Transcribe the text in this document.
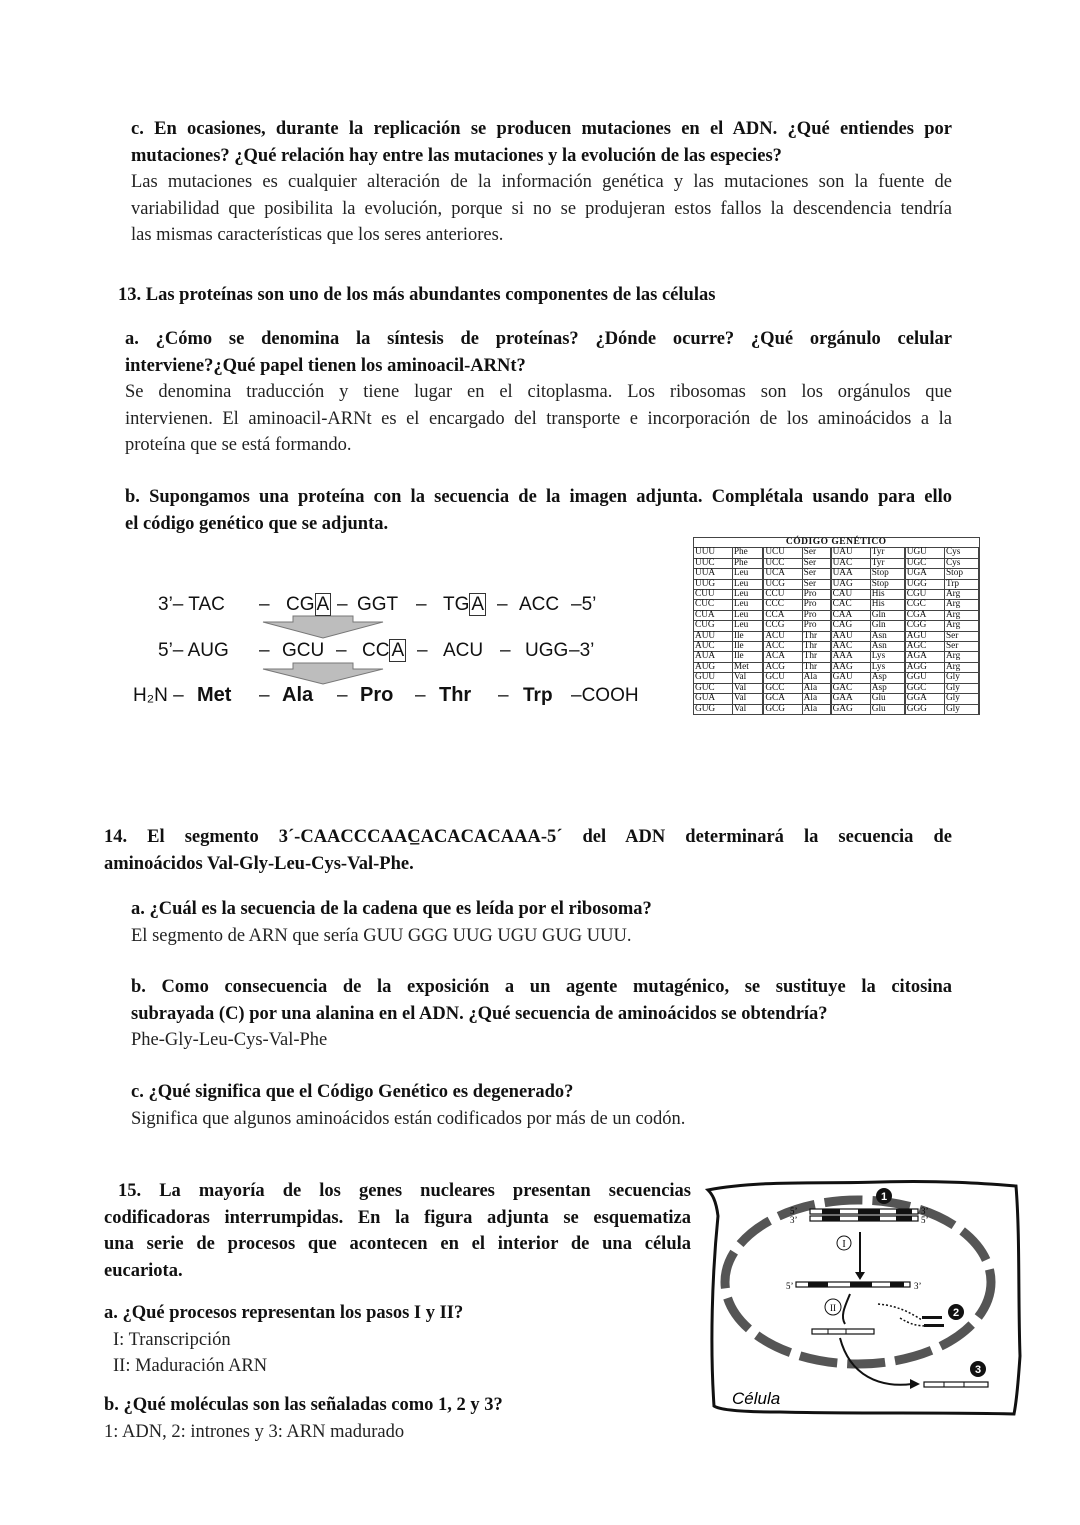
c. En ocasiones, durante la replicación se producen mutaciones en el ADN. ¿Qué entiendes por
mutaciones? ¿Qué relación hay entre las mutaciones y la evolución de las especies?
Las mutaciones es cualquier alteración de la información genética y las mutaciones son la fuente de
variabilidad que posibilita la evolución, porque si no se produjeran estos fallos la descendencia tendría
las mismas características que los seres anteriores.
13. Las proteínas son uno de los más abundantes componentes de las células
a. ¿Cómo se denomina la síntesis de proteínas? ¿Dónde ocurre? ¿Qué orgánulo celular
interviene?¿Qué papel tienen los aminoacil-ARNt?
Se denomina traducción y tiene lugar en el citoplasma. Los ribosomas son los orgánulos que
intervienen. El aminoacil-ARNt es el encargado del transporte e incorporación de los aminoácidos a la
proteína que se está formando.
b. Supongamos una proteína con la secuencia de la imagen adjunta. Complétala usando para ello
el código genético que se adjunta.
3’– TAC – CG A – GGT – TG A – ACC –5’
5’– AUG – GCU – CC A – ACU – UGG –3’
H₂N – Met – Ala – Pro – Thr – Trp –COOH
CÓDIGO GENÉTICO							
UUU	Phe	UCU	Ser	UAU	Tyr	UGU	Cys
UUC	Phe	UCC	Ser	UAC	Tyr	UGC	Cys
UUA	Leu	UCA	Ser	UAA	Stop	UGA	Stop
UUG	Leu	UCG	Ser	UAG	Stop	UGG	Trp
CUU	Leu	CCU	Pro	CAU	His	CGU	Arg
CUC	Leu	CCC	Pro	CAC	His	CGC	Arg
CUA	Leu	CCA	Pro	CAA	Gln	CGA	Arg
CUG	Leu	CCG	Pro	CAG	Gln	CGG	Arg
AUU	Ile	ACU	Thr	AAU	Asn	AGU	Ser
AUC	Ile	ACC	Thr	AAC	Asn	AGC	Ser
AUA	Ile	ACA	Thr	AAA	Lys	AGA	Arg
AUG	Met	ACG	Thr	AAG	Lys	AGG	Arg
GUU	Val	GCU	Ala	GAU	Asp	GGU	Gly
GUC	Val	GCC	Ala	GAC	Asp	GGC	Gly
GUA	Val	GCA	Ala	GAA	Glu	GGA	Gly
GUG	Val	GCG	Ala	GAG	Glu	GGG	Gly
14. El segmento 3´-CAACCCAAC̲ACACACAAA-5´ del ADN determinará la secuencia de
aminoácidos Val-Gly-Leu-Cys-Val-Phe.
a. ¿Cuál es la secuencia de la cadena que es leída por el ribosoma?
El segmento de ARN que sería GUU GGG UUG UGU GUG UUU.
b. Como consecuencia de la exposición a un agente mutagénico, se sustituye la citosina
subrayada (C) por una alanina en el ADN. ¿Qué secuencia de aminoácidos se obtendría?
Phe-Gly-Leu-Cys-Val-Phe
c. ¿Qué significa que el Código Genético es degenerado?
Significa que algunos aminoácidos están codificados por más de un codón.
15. La mayoría de los genes nucleares presentan secuencias
codificadoras interrumpidas. En la figura adjunta se esquematiza
una serie de procesos que acontecen en el interior de una célula
eucariota.
a. ¿Qué procesos representan los pasos I y II?
I: Transcripción
II: Maduración ARN
b. ¿Qué moléculas son las señaladas como 1, 2 y 3?
1: ADN, 2: intrones y 3: ARN madurado
5’
3’
3’
5’
1
I
5’	3’
II	2
3
Célula
